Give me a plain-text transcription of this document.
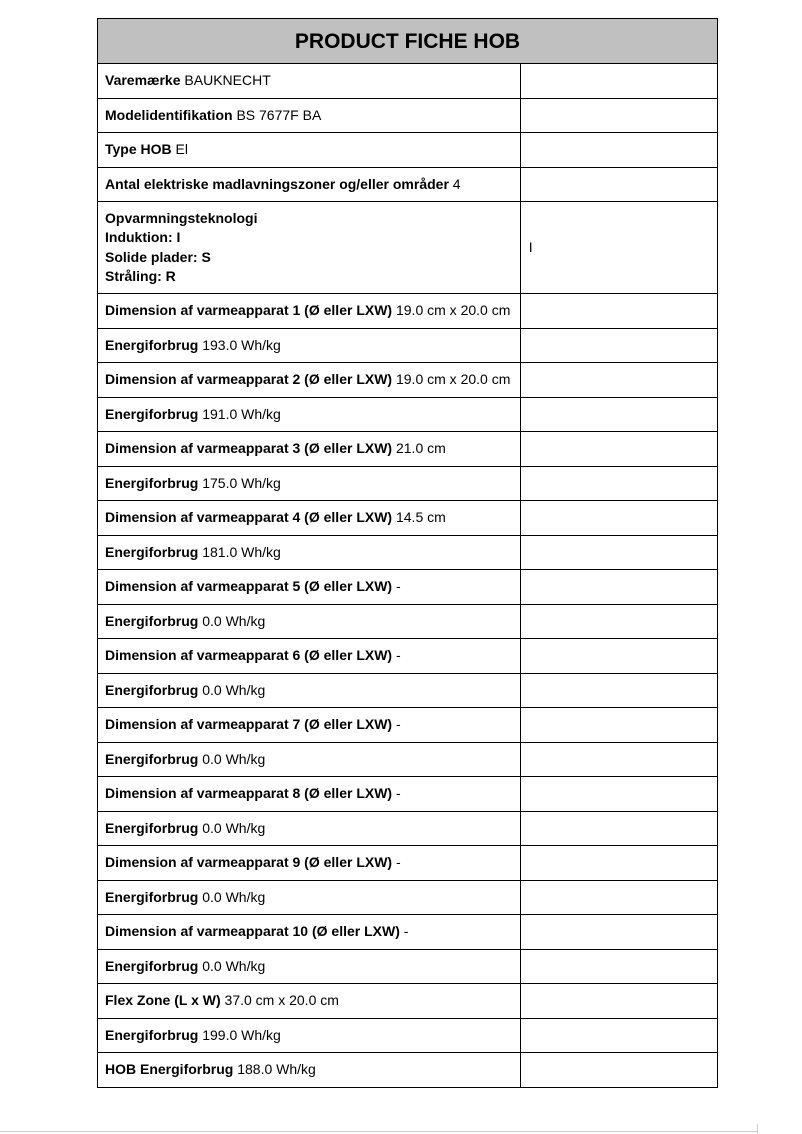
PRODUCT FICHE HOB	
Varemærke BAUKNECHT	
Modelidentifikation BS 7677F BA	
Type HOB El	
Antal elektriske madlavningszoner og/eller områder 4	

Opvarmningsteknologi
Induktion: I
Solide plader: S
Stråling: R	I
Dimension af varmeapparat 1 (Ø eller LXW) 19.0 cm x 20.0 cm	
Energiforbrug 193.0 Wh/kg	
Dimension af varmeapparat 2 (Ø eller LXW) 19.0 cm x 20.0 cm	
Energiforbrug 191.0 Wh/kg	
Dimension af varmeapparat 3 (Ø eller LXW) 21.0 cm	
Energiforbrug 175.0 Wh/kg	
Dimension af varmeapparat 4 (Ø eller LXW) 14.5 cm	
Energiforbrug 181.0 Wh/kg	
Dimension af varmeapparat 5 (Ø eller LXW) -	
Energiforbrug 0.0 Wh/kg	
Dimension af varmeapparat 6 (Ø eller LXW) -	
Energiforbrug 0.0 Wh/kg	
Dimension af varmeapparat 7 (Ø eller LXW) -	
Energiforbrug 0.0 Wh/kg	
Dimension af varmeapparat 8 (Ø eller LXW) -	
Energiforbrug 0.0 Wh/kg	
Dimension af varmeapparat 9 (Ø eller LXW) -	
Energiforbrug 0.0 Wh/kg	
Dimension af varmeapparat 10 (Ø eller LXW) -	
Energiforbrug 0.0 Wh/kg	
Flex Zone (L x W) 37.0 cm x 20.0 cm	
Energiforbrug 199.0 Wh/kg	
HOB Energiforbrug 188.0 Wh/kg	
